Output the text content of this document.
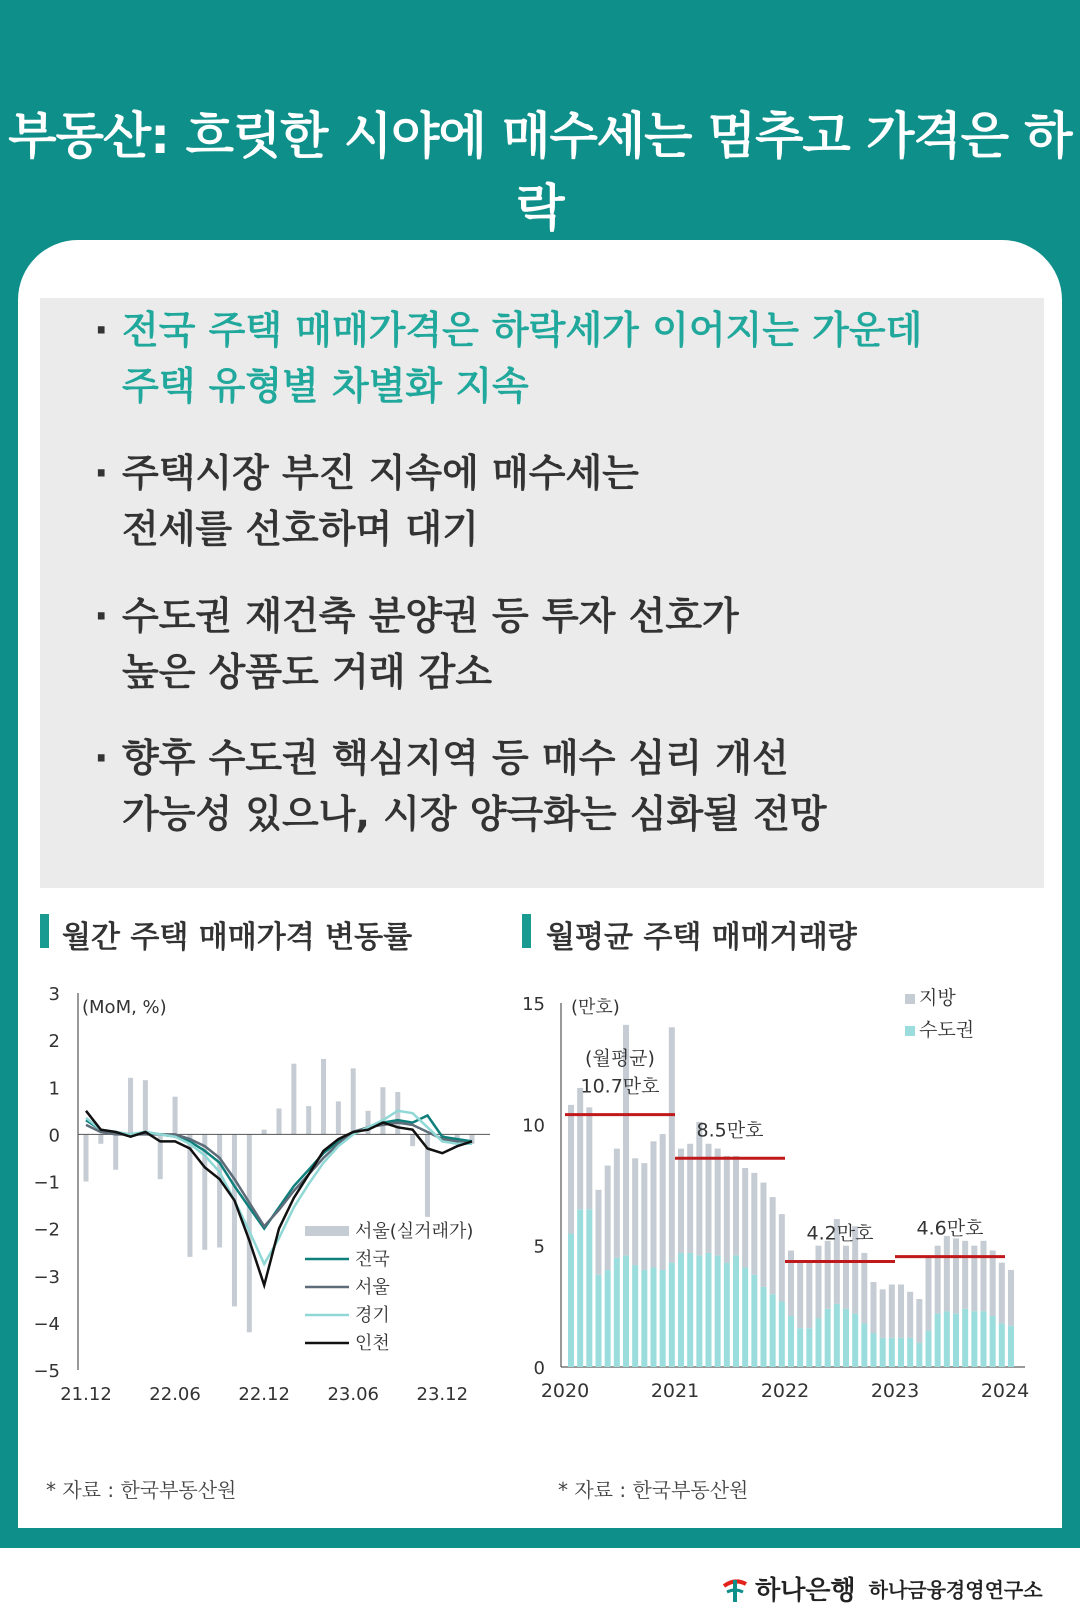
부동산: 흐릿한 시야에 매수세는 멈추고 가격은 하락
· 전국 주택 매매가격은 하락세가 이어지는 가운데
주택 유형별 차별화 지속
· 주택시장 부진 지속에 매수세는
전세를 선호하며 대기
· 수도권 재건축 분양권 등 투자 선호가
높은 상품도 거래 감소
· 향후 수도권 핵심지역 등 매수 심리 개선
가능성 있으나, 시장 양극화는 심화될 전망
월간 주택 매매가격 변동률	월평균 주택 매매거래량
3
2
1
0
−1
−2
−3
−4
−5
(MoM, %)
21.12 22.06 22.12 23.06 23.12
서울(실거래가)
전국
서울
경기
인천
15
10
5
0
(만호)
10.7만호
(월평균)
8.5만호
4.2만호 4.6만호
2020	2021	2022	2023	2024
지방
수도권
* 자료 : 한국부동산원	* 자료 : 한국부동산원
하나은행 하나금융경영연구소
